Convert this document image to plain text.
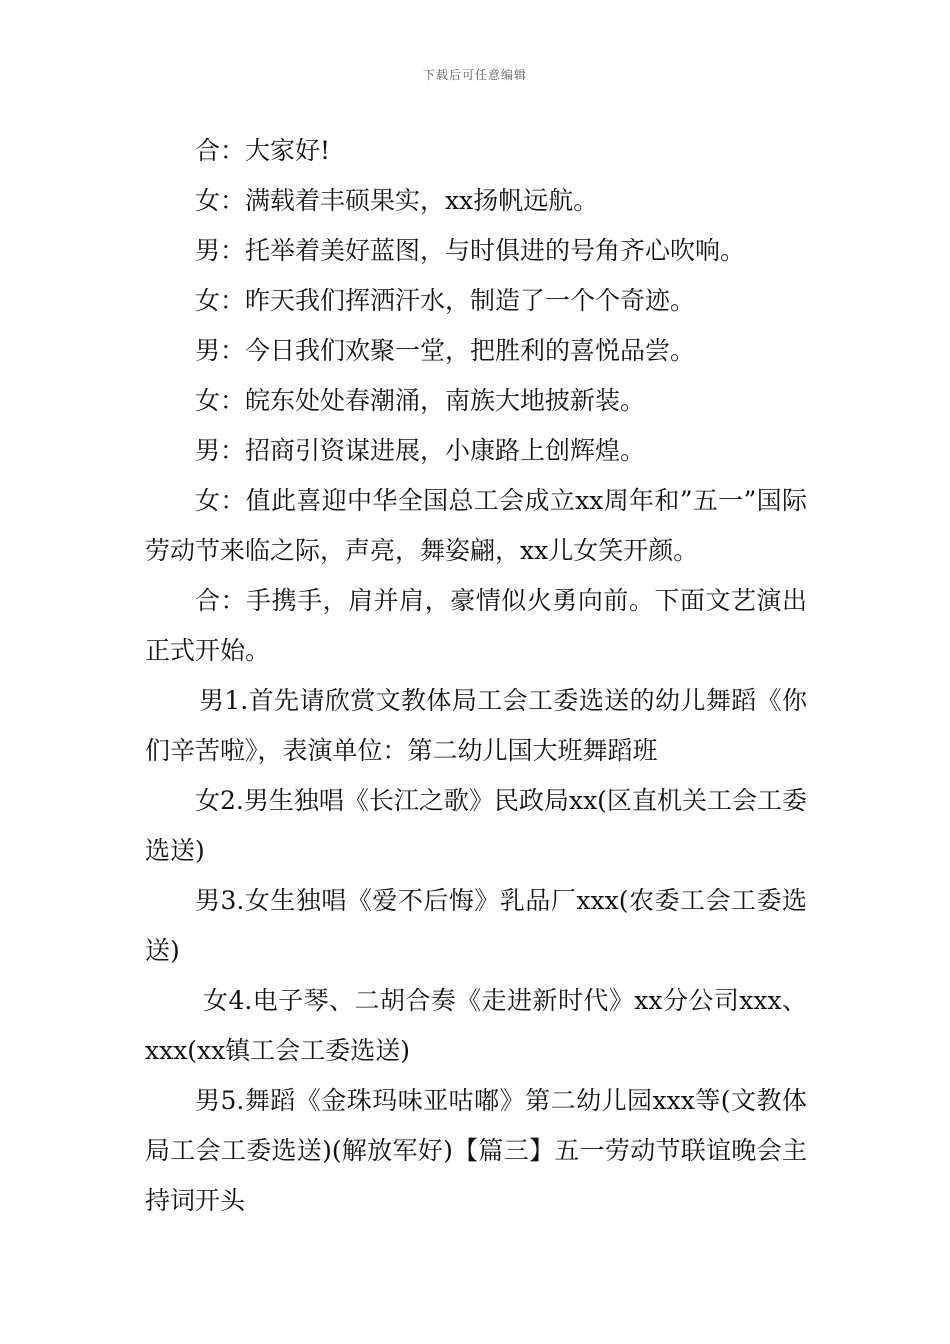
下载后可任意编辑

合：大家好!

女：满载着丰硕果实，xx扬帆远航。

男：托举着美好蓝图，与时俱进的号角齐心吹响。

女：昨天我们挥洒汗水，制造了一个个奇迹。

男：今日我们欢聚一堂，把胜利的喜悦品尝。

女：皖东处处春潮涌，南族大地披新装。

男：招商引资谋进展，小康路上创辉煌。

女：值此喜迎中华全国总工会成立xx周年和”五一”国际劳动节来临之际，声亮，舞姿翩，xx儿女笑开颜。

合：手携手，肩并肩，豪情似火勇向前。下面文艺演出正式开始。

男1.首先请欣赏文教体局工会工委选送的幼儿舞蹈《你们辛苦啦》，表演单位：第二幼儿国大班舞蹈班

女2.男生独唱《长江之歌》民政局xx(区直机关工会工委选送)

男3.女生独唱《爱不后悔》乳品厂xxx(农委工会工委选送)

女4.电子琴、二胡合奏《走进新时代》xx分公司xxx、xxx(xx镇工会工委选送)

男5.舞蹈《金珠玛味亚咕嘟》第二幼儿园xxx等(文教体局工会工委选送)(解放军好)【篇三】五一劳动节联谊晚会主持词开头
